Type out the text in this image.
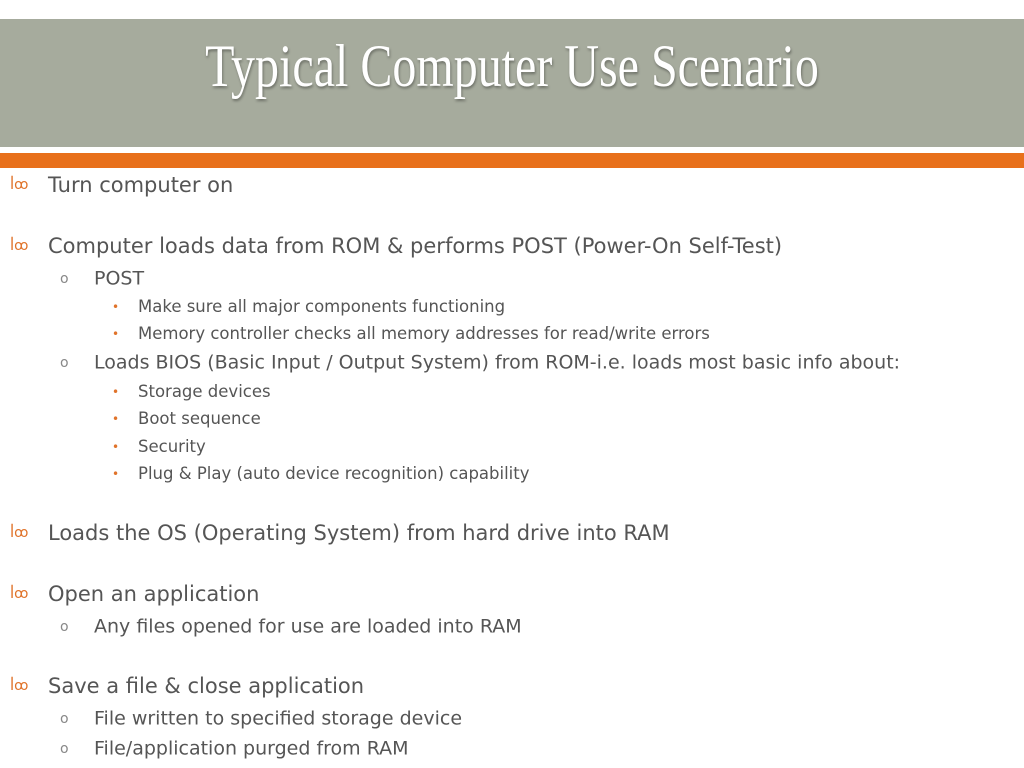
Typical Computer Use Scenario
ꟾꝏ Turn computer on
ꟾꝏ Computer loads data from ROM & performs POST (Power-On Self-Test)
o POST
• Make sure all major components functioning
• Memory controller checks all memory addresses for read/write errors
o Loads BIOS (Basic Input / Output System) from ROM-i.e. loads most basic info about:
• Storage devices
• Boot sequence
• Security
• Plug & Play (auto device recognition) capability
ꟾꝏ Loads the OS (Operating System) from hard drive into RAM
ꟾꝏ Open an application
o Any files opened for use are loaded into RAM
ꟾꝏ Save a file & close application
o File written to specified storage device
o File/application purged from RAM
